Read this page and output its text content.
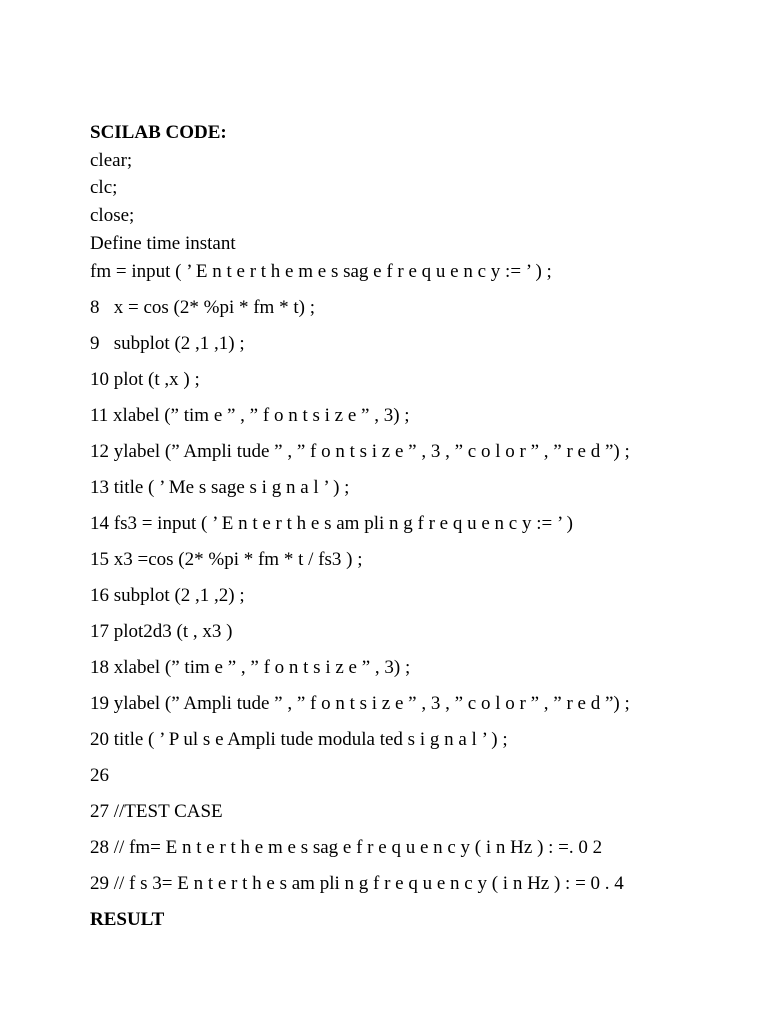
SCILAB CODE:
clear;
clc;
close;
Define time instant
fm = input ( ’ E n t e r t h e m e s sag e f r e q u e n c y := ’ ) ;
8   x = cos (2* %pi * fm * t) ;
9   subplot (2 ,1 ,1) ;
10 plot (t ,x ) ;
11 xlabel (” tim e ” , ” f o n t s i z e ” , 3) ;
12 ylabel (” Ampli tude ” , ” f o n t s i z e ” , 3 , ” c o l o r ” , ” r e d ”) ;
13 title ( ’ Me s sage s i g n a l ’ ) ;
14 fs3 = input ( ’ E n t e r t h e s am pli n g f r e q u e n c y := ’ )
15 x3 =cos (2* %pi * fm * t / fs3 ) ;
16 subplot (2 ,1 ,2) ;
17 plot2d3 (t , x3 )
18 xlabel (” tim e ” , ” f o n t s i z e ” , 3) ;
19 ylabel (” Ampli tude ” , ” f o n t s i z e ” , 3 , ” c o l o r ” , ” r e d ”) ;
20 title ( ’ P ul s e Ampli tude modula ted s i g n a l ’ ) ;
26
27 //TEST CASE
28 // fm= E n t e r t h e m e s sag e f r e q u e n c y ( i n Hz ) : =. 0 2
29 // f s 3= E n t e r t h e s am pli n g f r e q u e n c y ( i n Hz ) : = 0 . 4
RESULT
